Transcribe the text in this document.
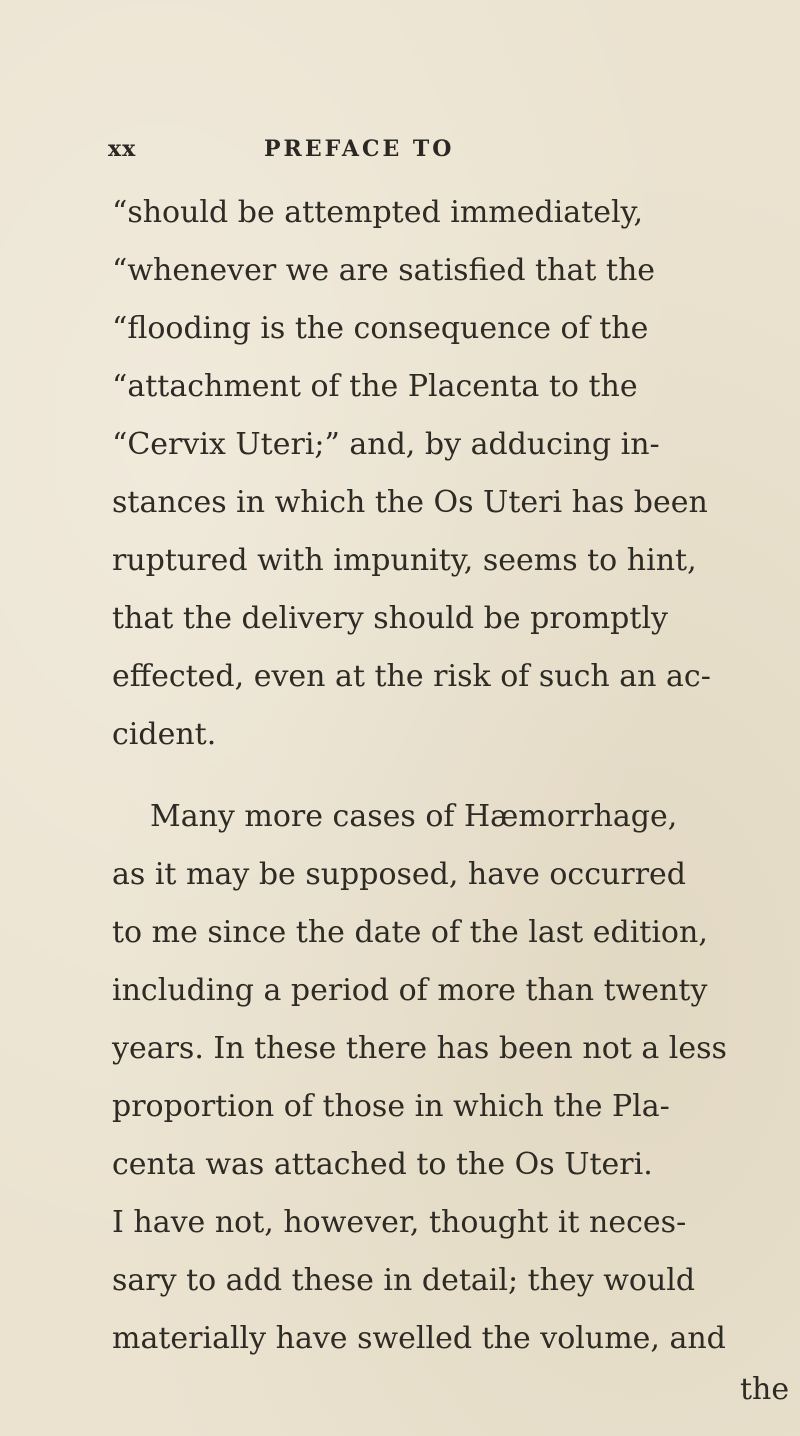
xx	PREFACE TO
“should be attempted immediately,
“whenever we are satisfied that the
“flooding is the consequence of the
“attachment of the Placenta to the
“Cervix Uteri;” and, by adducing in-
stances in which the Os Uteri has been
ruptured with impunity, seems to hint,
that the delivery should be promptly
effected, even at the risk of such an ac-
cident.
Many more cases of Hæmorrhage,
as it may be supposed, have occurred
to me since the date of the last edition,
including a period of more than twenty
years. In these there has been not a less
proportion of those in which the Pla-
centa was attached to the Os Uteri.
I have not, however, thought it neces-
sary to add these in detail; they would
materially have swelled the volume, and
the
